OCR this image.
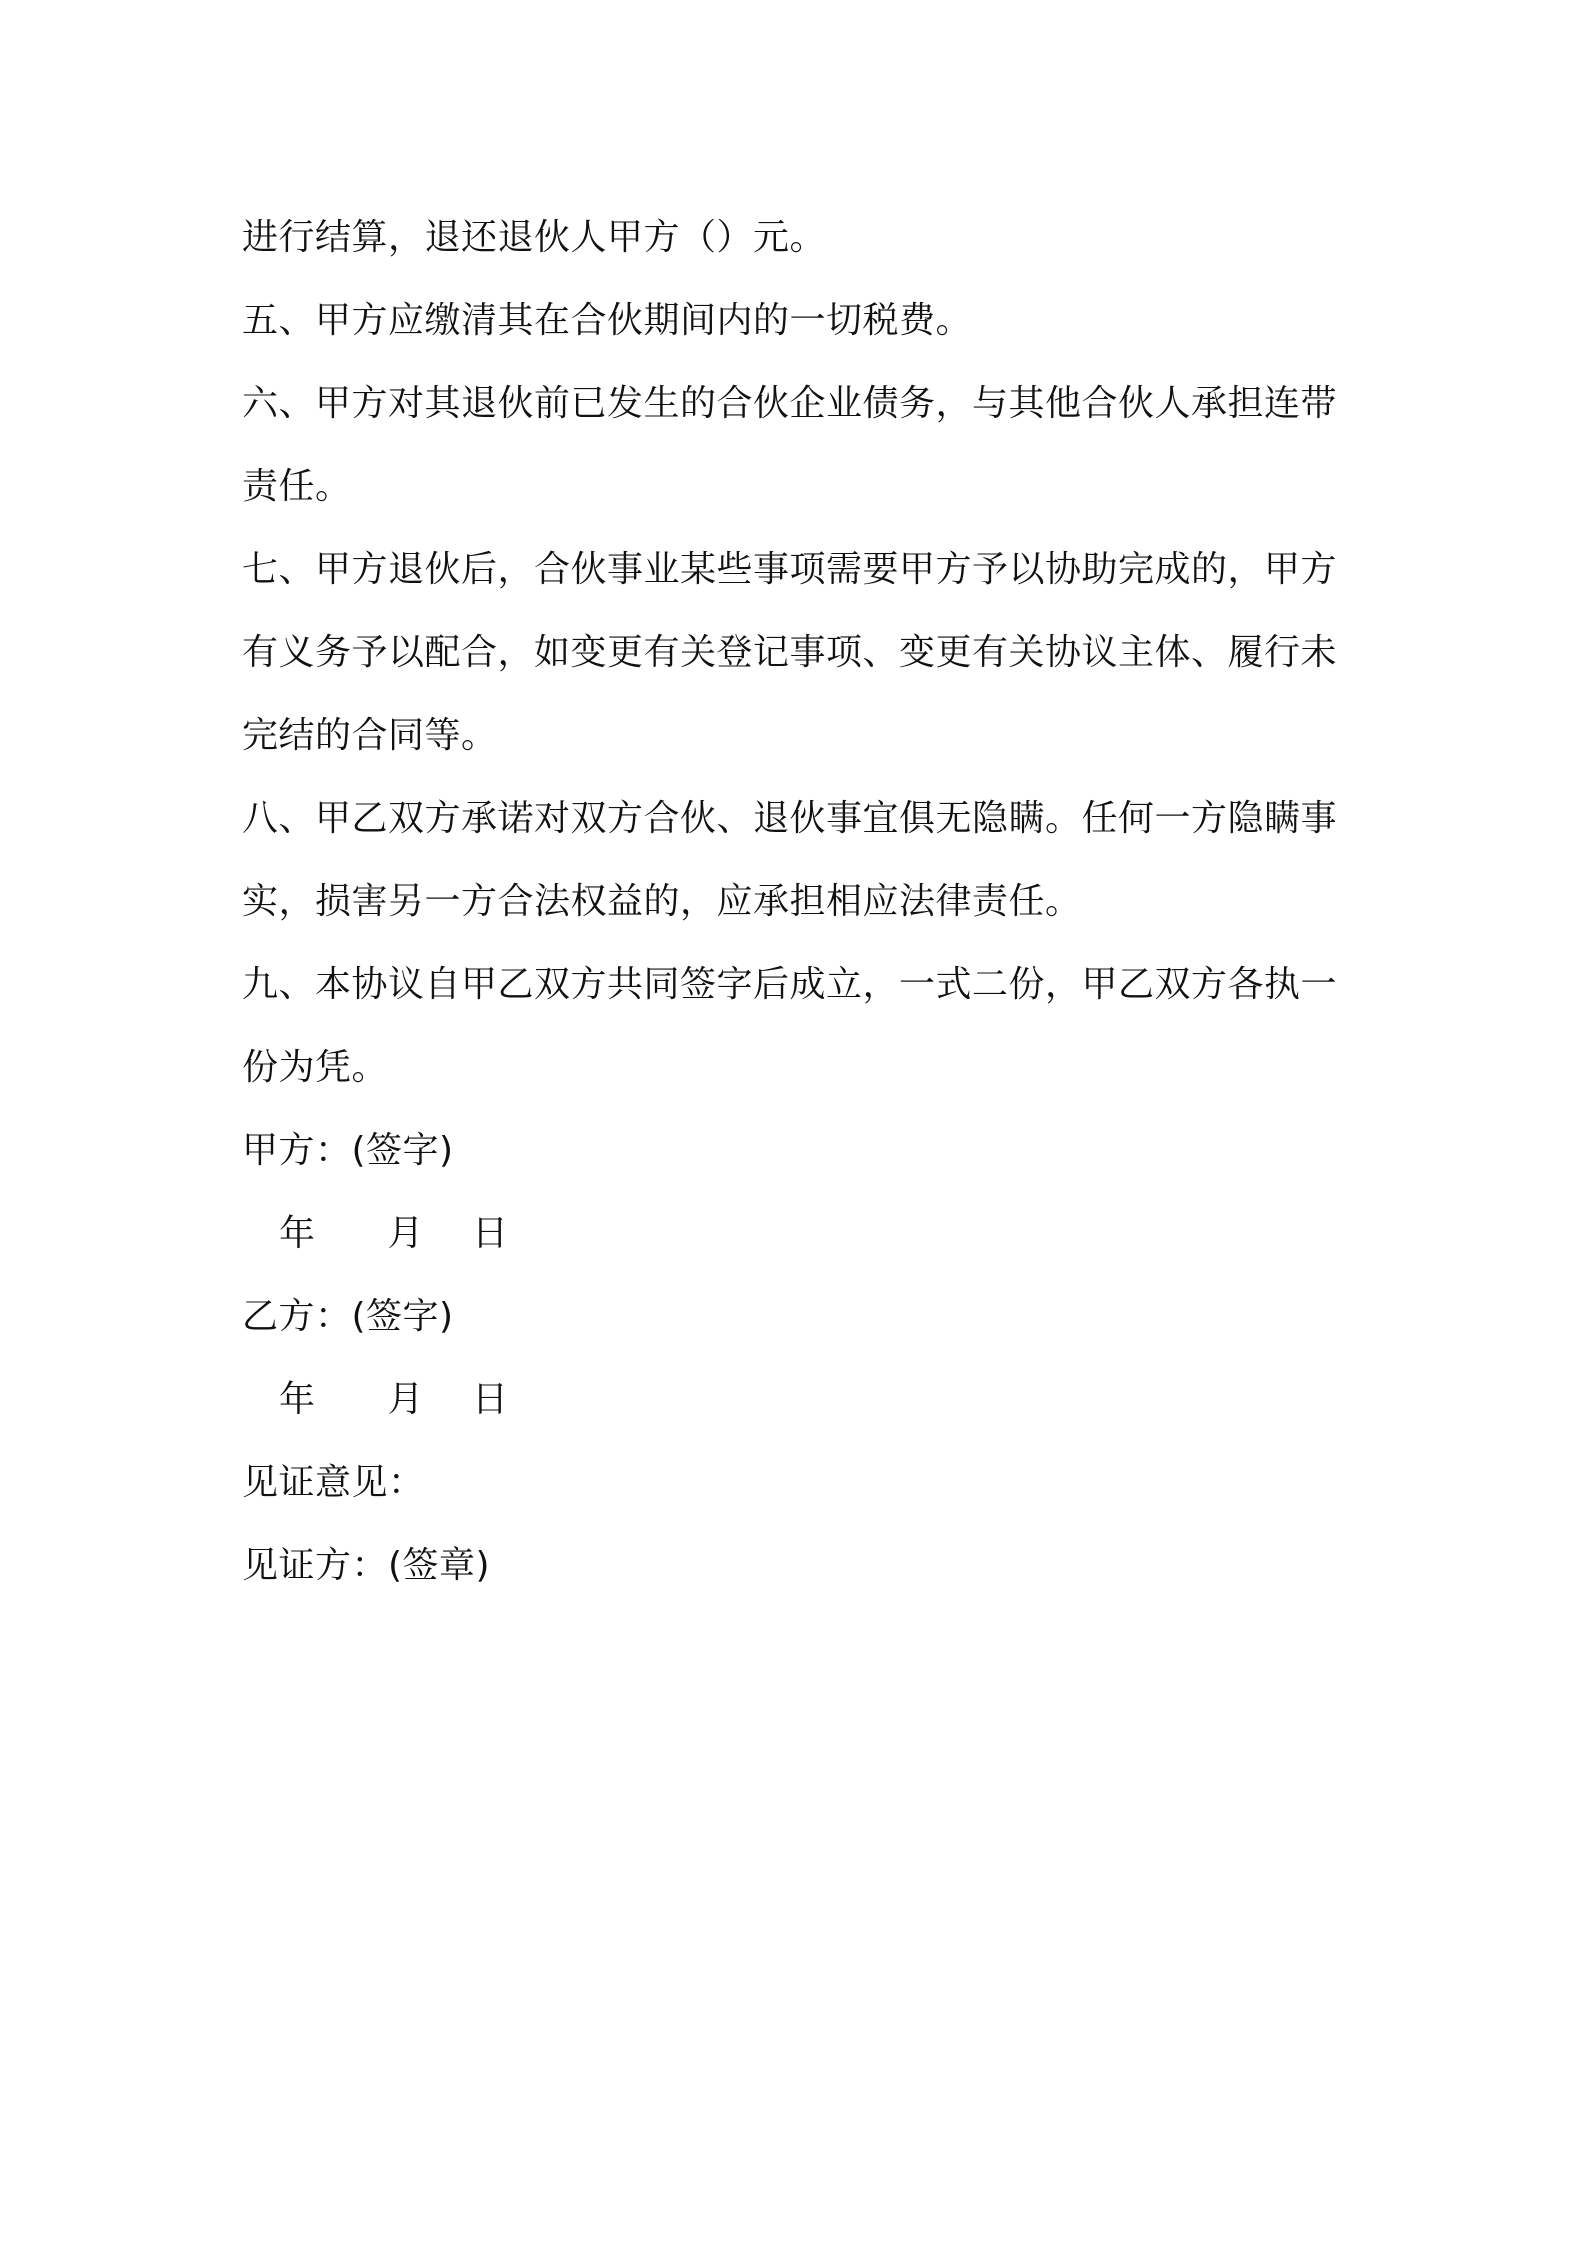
进行结算，退还退伙人甲方（）元。
五、甲方应缴清其在合伙期间内的一切税费。
六、甲方对其退伙前已发生的合伙企业债务，与其他合伙人承担连带
责任。
七、甲方退伙后，合伙事业某些事项需要甲方予以协助完成的，甲方
有义务予以配合，如变更有关登记事项、变更有关协议主体、履行未
完结的合同等。
八、甲乙双方承诺对双方合伙、退伙事宜俱无隐瞒。任何一方隐瞒事
实，损害另一方合法权益的，应承担相应法律责任。
九、本协议自甲乙双方共同签字后成立，一式二份，甲乙双方各执一
份为凭。
甲方：(签字)
年 月 日
乙方：(签字)
年 月 日
见证意见：
见证方：(签章)
